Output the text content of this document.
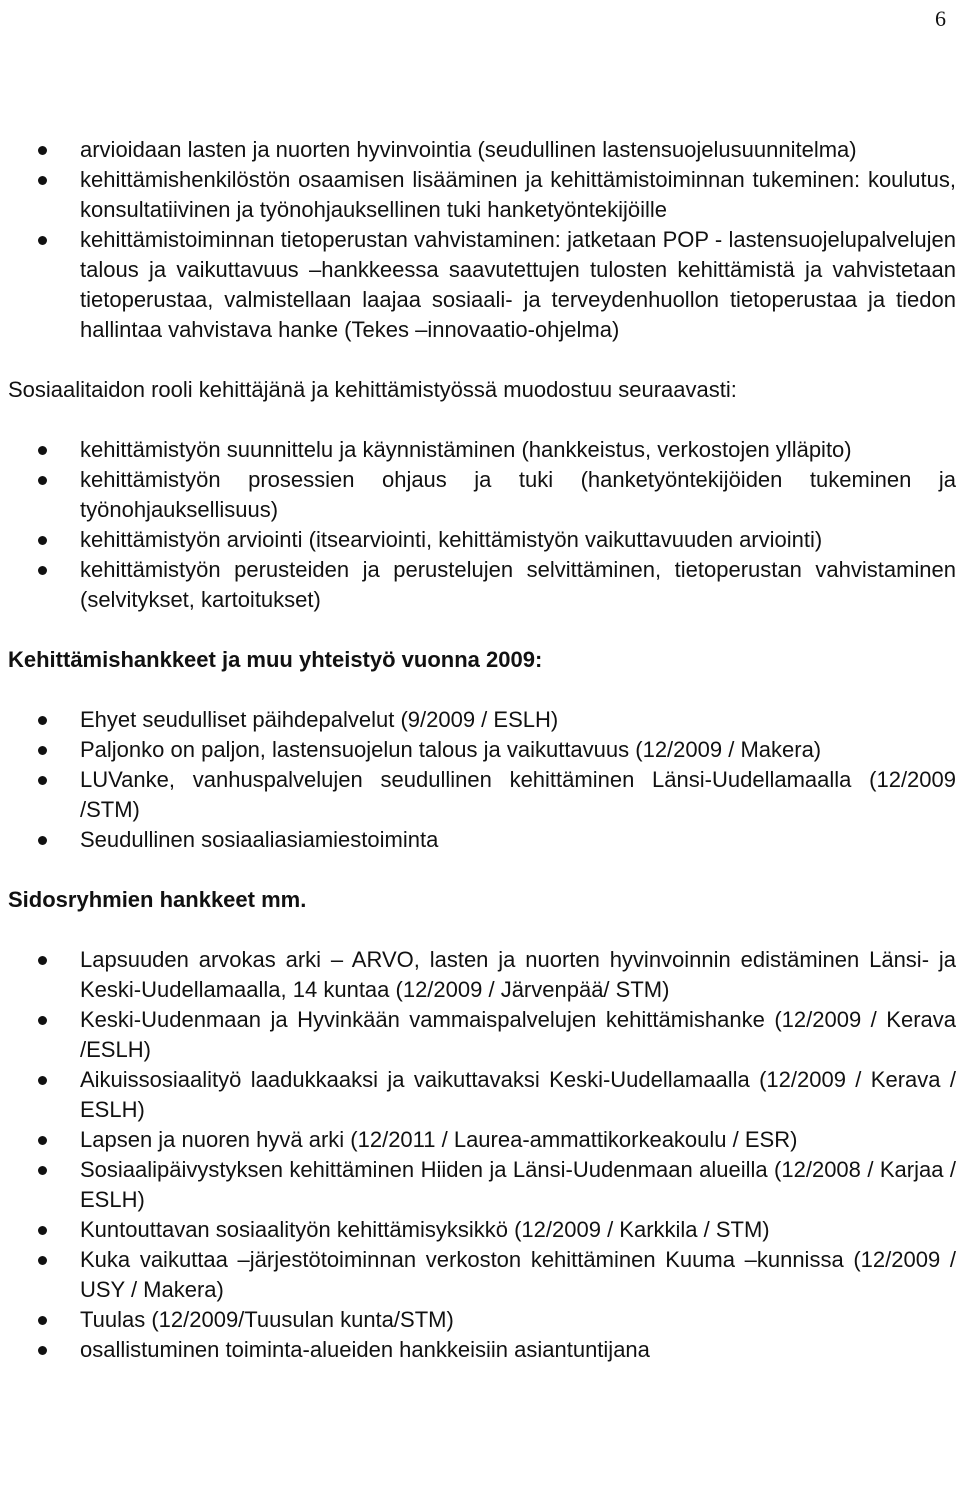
6
arvioidaan lasten ja nuorten hyvinvointia (seudullinen lastensuojelusuunnitelma)
kehittämishenkilöstön osaamisen lisääminen ja kehittämistoiminnan tukeminen: koulutus, konsultatiivinen ja työnohjauksellinen tuki hanketyöntekijöille
kehittämistoiminnan tietoperustan vahvistaminen: jatketaan POP - lastensuojelupalvelujen talous ja vaikuttavuus –hankkeessa saavutettujen tulosten kehittämistä ja vahvistetaan tietoperustaa, valmistellaan laajaa sosiaali- ja terveydenhuollon tietoperustaa ja tiedon hallintaa vahvistava hanke (Tekes –innovaatio-ohjelma)

Sosiaalitaidon rooli kehittäjänä ja kehittämistyössä muodostuu seuraavasti:

kehittämistyön suunnittelu ja käynnistäminen (hankkeistus, verkostojen ylläpito)
kehittämistyön prosessien ohjaus ja tuki (hanketyöntekijöiden tukeminen ja työnohjauksellisuus)
kehittämistyön arviointi (itsearviointi, kehittämistyön vaikuttavuuden arviointi)
kehittämistyön perusteiden ja perustelujen selvittäminen, tietoperustan vahvistaminen (selvitykset, kartoitukset)

Kehittämishankkeet ja muu yhteistyö vuonna 2009:

Ehyet seudulliset päihdepalvelut (9/2009 / ESLH)
Paljonko on paljon, lastensuojelun talous ja vaikuttavuus (12/2009 / Makera)
LUVanke, vanhuspalvelujen seudullinen kehittäminen Länsi-Uudellamaalla (12/2009 /STM)
Seudullinen sosiaaliasiamiestoiminta

Sidosryhmien hankkeet mm.

Lapsuuden arvokas arki – ARVO, lasten ja nuorten hyvinvoinnin edistäminen Länsi- ja Keski-Uudellamaalla, 14 kuntaa (12/2009 / Järvenpää/ STM)
Keski-Uudenmaan ja Hyvinkään vammaispalvelujen kehittämishanke (12/2009 / Kerava /ESLH)
Aikuissosiaalityö laadukkaaksi ja vaikuttavaksi Keski-Uudellamaalla (12/2009 / Kerava / ESLH)
Lapsen ja nuoren hyvä arki (12/2011 / Laurea-ammattikorkeakoulu / ESR)
Sosiaalipäivystyksen kehittäminen Hiiden ja Länsi-Uudenmaan alueilla (12/2008 / Karjaa / ESLH)
Kuntouttavan sosiaalityön kehittämisyksikkö (12/2009 / Karkkila / STM)
Kuka vaikuttaa –järjestötoiminnan verkoston kehittäminen Kuuma –kunnissa (12/2009 / USY / Makera)
Tuulas (12/2009/Tuusulan kunta/STM)
osallistuminen toiminta-alueiden hankkeisiin asiantuntijana
